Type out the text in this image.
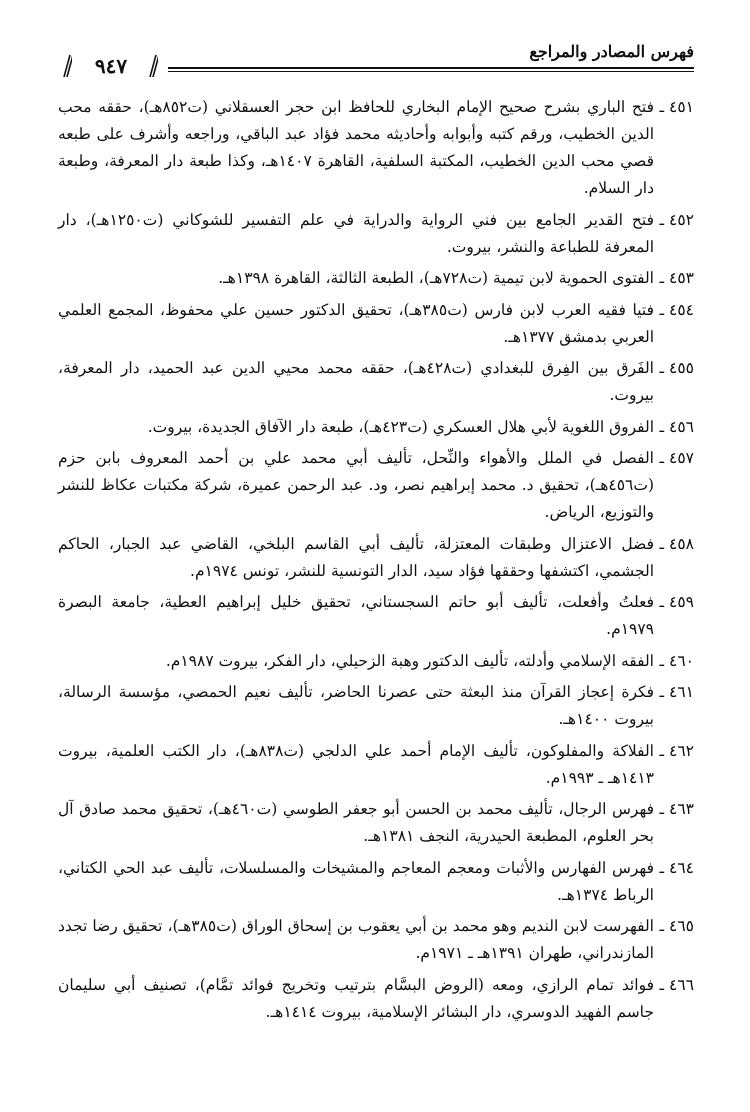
فهرس المصادر والمراجع
٩٤٧
٤٥١ ـ
فتح الباري بشرح صحيح الإمام البخاري للحافظ ابن حجر العسقلاني (ت٨٥٢هـ)، حققه محب الدين الخطيب، ورقم كتبه وأبوابه وأحاديثه محمد فؤاد عبد الباقي، وراجعه وأشرف على طبعه قصي محب الدين الخطيب، المكتبة السلفية، القاهرة ١٤٠٧هـ، وكذا طبعة دار المعرفة، وطبعة دار السلام.
٤٥٢ ـ
فتح القدير الجامع بين فني الرواية والدراية في علم التفسير للشوكاني (ت١٢٥٠هـ)، دار المعرفة للطباعة والنشر، بيروت.
٤٥٣ ـ
الفتوى الحموية لابن تيمية (ت٧٢٨هـ)، الطبعة الثالثة، القاهرة ١٣٩٨هـ.
٤٥٤ ـ
فتيا فقيه العرب لابن فارس (ت٣٨٥هـ)، تحقيق الدكتور حسين علي محفوظ، المجمع العلمي العربي بدمشق ١٣٧٧هـ.
٤٥٥ ـ
الفَرق بين الفِرق للبغدادي (ت٤٢٨هـ)، حققه محمد محيي الدين عبد الحميد، دار المعرفة، بيروت.
٤٥٦ ـ
الفروق اللغوية لأبي هلال العسكري (ت٤٢٣هـ)، طبعة دار الآفاق الجديدة، بيروت.
٤٥٧ ـ
الفصل في الملل والأهواء والنِّحل، تأليف أبي محمد علي بن أحمد المعروف بابن حزم (ت٤٥٦هـ)، تحقيق د. محمد إبراهيم نصر، ود. عبد الرحمن عميرة، شركة مكتبات عكاظ للنشر والتوزيع، الرياض.
٤٥٨ ـ
فضل الاعتزال وطبقات المعتزلة، تأليف أبي القاسم البلخي، القاضي عبد الجبار، الحاكم الجشمي، اكتشفها وحققها فؤاد سيد، الدار التونسية للنشر، تونس ١٩٧٤م.
٤٥٩ ـ
فعلتُ وأفعلت، تأليف أبو حاتم السجستاني، تحقيق خليل إبراهيم العطية، جامعة البصرة ١٩٧٩م.
٤٦٠ ـ
الفقه الإسلامي وأدلته، تأليف الدكتور وهبة الزحيلي، دار الفكر، بيروت ١٩٨٧م.
٤٦١ ـ
فكرة إعجاز القرآن منذ البعثة حتى عصرنا الحاضر، تأليف نعيم الحمصي، مؤسسة الرسالة، بيروت ١٤٠٠هـ.
٤٦٢ ـ
الفلاكة والمفلوكون، تأليف الإمام أحمد علي الدلجي (ت٨٣٨هـ)، دار الكتب العلمية، بيروت ١٤١٣هـ ـ ١٩٩٣م.
٤٦٣ ـ
فهرس الرجال، تأليف محمد بن الحسن أبو جعفر الطوسي (ت٤٦٠هـ)، تحقيق محمد صادق آل بحر العلوم، المطبعة الحيدرية، النجف ١٣٨١هـ.
٤٦٤ ـ
فهرس الفهارس والأثبات ومعجم المعاجم والمشيخات والمسلسلات، تأليف عبد الحي الكتاني، الرباط ١٣٧٤هـ.
٤٦٥ ـ
الفهرست لابن النديم وهو محمد بن أبي يعقوب بن إسحاق الوراق (ت٣٨٥هـ)، تحقيق رضا تجدد المازندراني، طهران ١٣٩١هـ ـ ١٩٧١م.
٤٦٦ ـ
فوائد تمام الرازي، ومعه (الروض البسَّام بترتيب وتخريج فوائد تمَّام)، تصنيف أبي سليمان جاسم الفهيد الدوسري، دار البشائر الإسلامية، بيروت ١٤١٤هـ.
